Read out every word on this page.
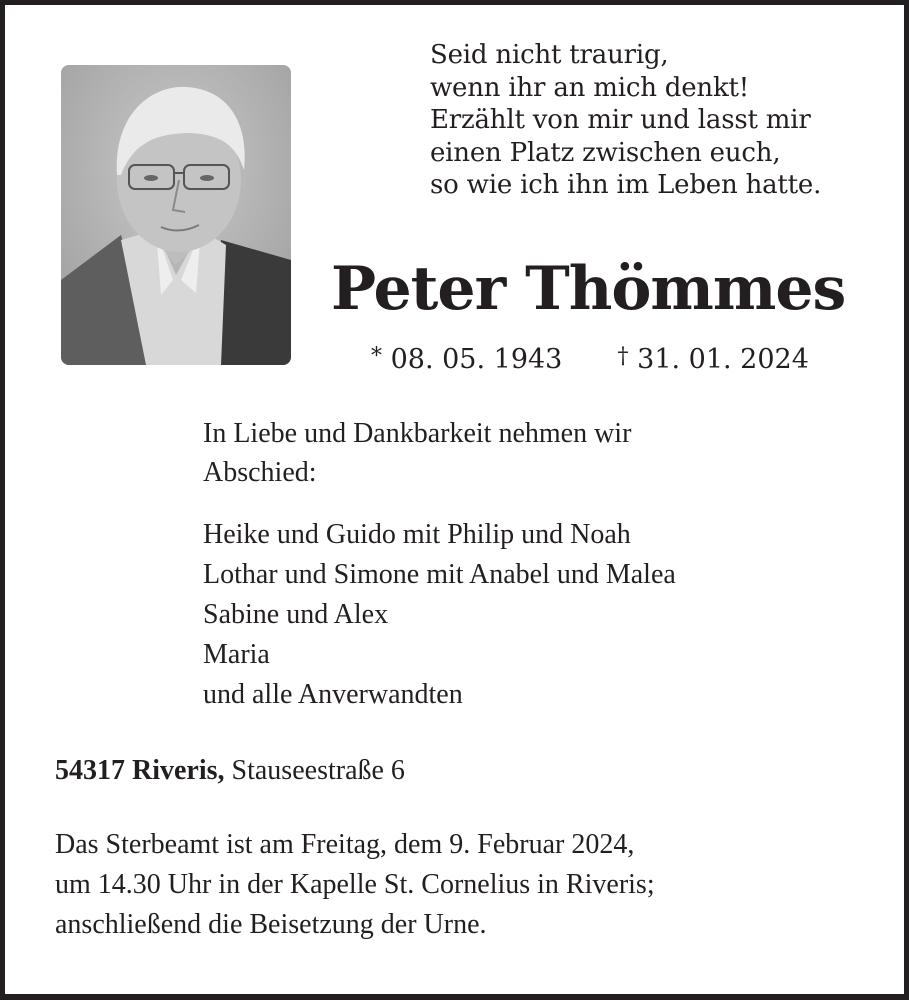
Seid nicht traurig,
wenn ihr an mich denkt!
Erzählt von mir und lasst mir
einen Platz zwischen euch,
so wie ich ihn im Leben hatte.
Peter Thömmes
* 08. 05. 1943	† 31. 01. 2024
In Liebe und Dankbarkeit nehmen wir
Abschied:
Heike und Guido mit Philip und Noah
Lothar und Simone mit Anabel und Malea
Sabine und Alex
Maria
und alle Anverwandten
54317 Riveris, Stauseestraße 6
Das Sterbeamt ist am Freitag, dem 9. Februar 2024,
um 14.30 Uhr in der Kapelle St. Cornelius in Riveris;
anschließend die Beisetzung der Urne.
